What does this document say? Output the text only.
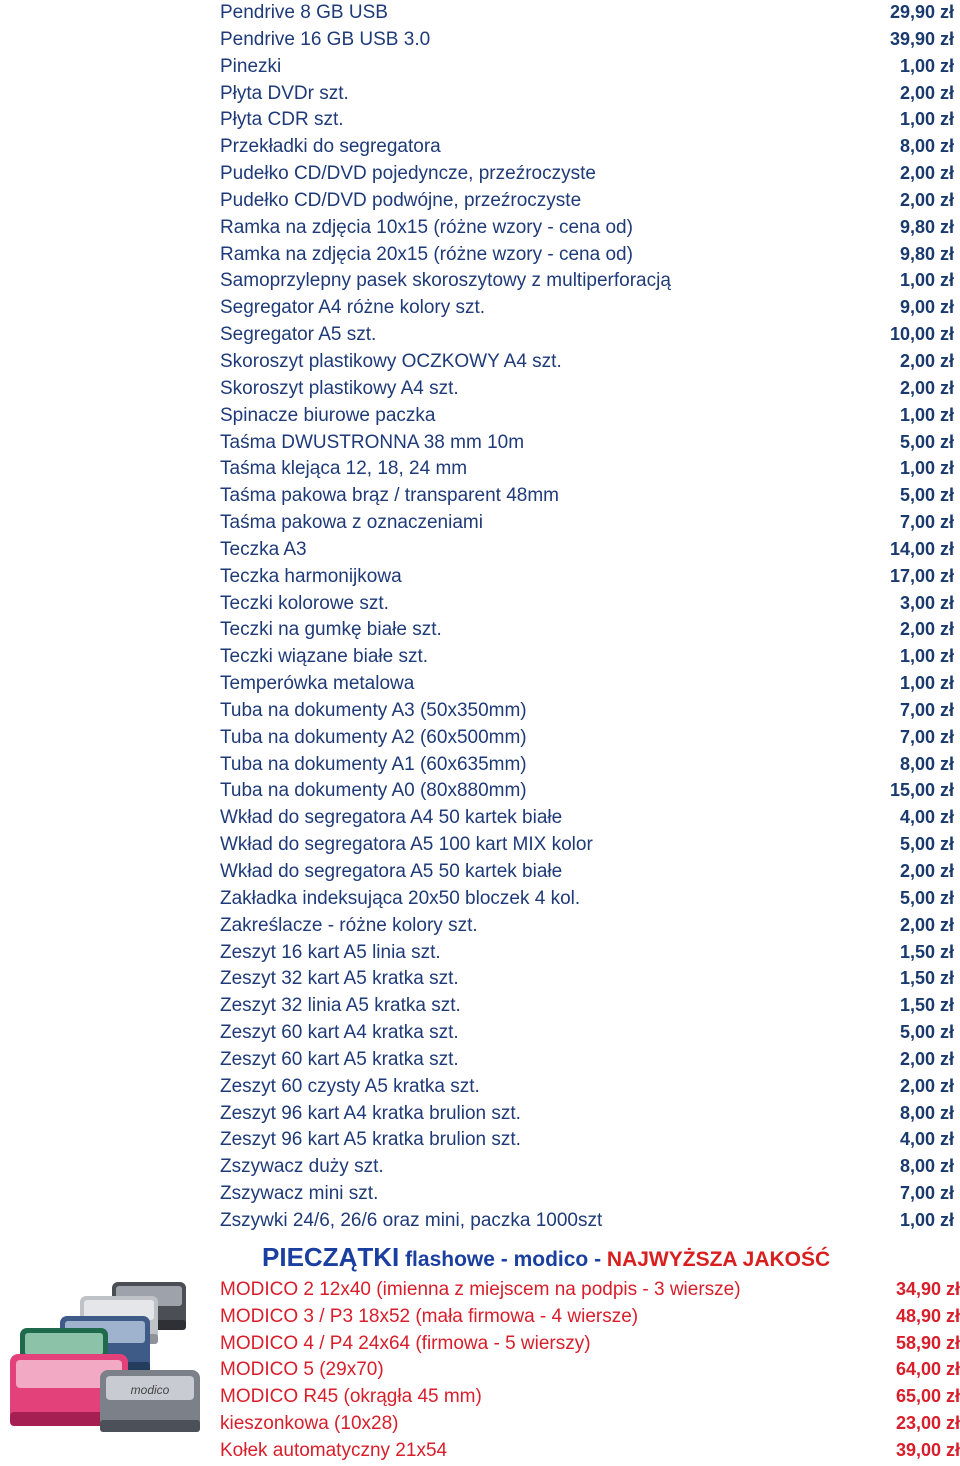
Pendrive 8 GB USB	29,90 zł
Pendrive 16 GB USB 3.0	39,90 zł
Pinezki	1,00 zł
Płyta DVDr szt.	2,00 zł
Płyta CDR szt.	1,00 zł
Przekładki do segregatora	8,00 zł
Pudełko CD/DVD pojedyncze, przeźroczyste	2,00 zł
Pudełko CD/DVD podwójne, przeźroczyste	2,00 zł
Ramka na zdjęcia 10x15 (różne wzory - cena od)	9,80 zł
Ramka na zdjęcia 20x15 (różne wzory - cena od)	9,80 zł
Samoprzylepny pasek skoroszytowy z multiperforacją	1,00 zł
Segregator A4 różne kolory szt.	9,00 zł
Segregator A5 szt.	10,00 zł
Skoroszyt plastikowy OCZKOWY A4 szt.	2,00 zł
Skoroszyt plastikowy A4 szt.	2,00 zł
Spinacze biurowe paczka	1,00 zł
Taśma DWUSTRONNA 38 mm 10m	5,00 zł
Taśma klejąca 12, 18, 24 mm	1,00 zł
Taśma pakowa brąz / transparent 48mm	5,00 zł
Taśma pakowa z oznaczeniami	7,00 zł
Teczka A3	14,00 zł
Teczka harmonijkowa	17,00 zł
Teczki kolorowe szt.	3,00 zł
Teczki na gumkę białe szt.	2,00 zł
Teczki wiązane białe szt.	1,00 zł
Temperówka metalowa	1,00 zł
Tuba na dokumenty A3 (50x350mm)	7,00 zł
Tuba na dokumenty A2 (60x500mm)	7,00 zł
Tuba na dokumenty A1 (60x635mm)	8,00 zł
Tuba na dokumenty A0 (80x880mm)	15,00 zł
Wkład do segregatora A4 50 kartek białe	4,00 zł
Wkład do segregatora A5 100 kart MIX kolor	5,00 zł
Wkład do segregatora A5 50 kartek białe	2,00 zł
Zakładka indeksująca 20x50 bloczek 4 kol.	5,00 zł
Zakreślacze - różne kolory szt.	2,00 zł
Zeszyt 16 kart A5 linia szt.	1,50 zł
Zeszyt 32 kart A5 kratka szt.	1,50 zł
Zeszyt 32 linia A5 kratka szt.	1,50 zł
Zeszyt 60 kart A4 kratka szt.	5,00 zł
Zeszyt 60 kart A5 kratka szt.	2,00 zł
Zeszyt 60 czysty A5 kratka szt.	2,00 zł
Zeszyt 96 kart A4 kratka brulion szt.	8,00 zł
Zeszyt 96 kart A5 kratka brulion szt.	4,00 zł
Zszywacz duży szt.	8,00 zł
Zszywacz mini szt.	7,00 zł
Zszywki 24/6, 26/6 oraz mini, paczka 1000szt	1,00 zł
PIECZĄTKI flashowe - modico - NAJWYŻSZA JAKOŚĆ
modico
MODICO 2 12x40 (imienna z miejscem na podpis - 3 wiersze)	34,90 zł
MODICO 3 / P3 18x52 (mała firmowa - 4 wiersze)	48,90 zł
MODICO 4 / P4 24x64 (firmowa - 5 wierszy)	58,90 zł
MODICO 5 (29x70)	64,00 zł
MODICO R45 (okrągła 45 mm)	65,00 zł
kieszonkowa (10x28)	23,00 zł
Kołek automatyczny 21x54	39,00 zł
